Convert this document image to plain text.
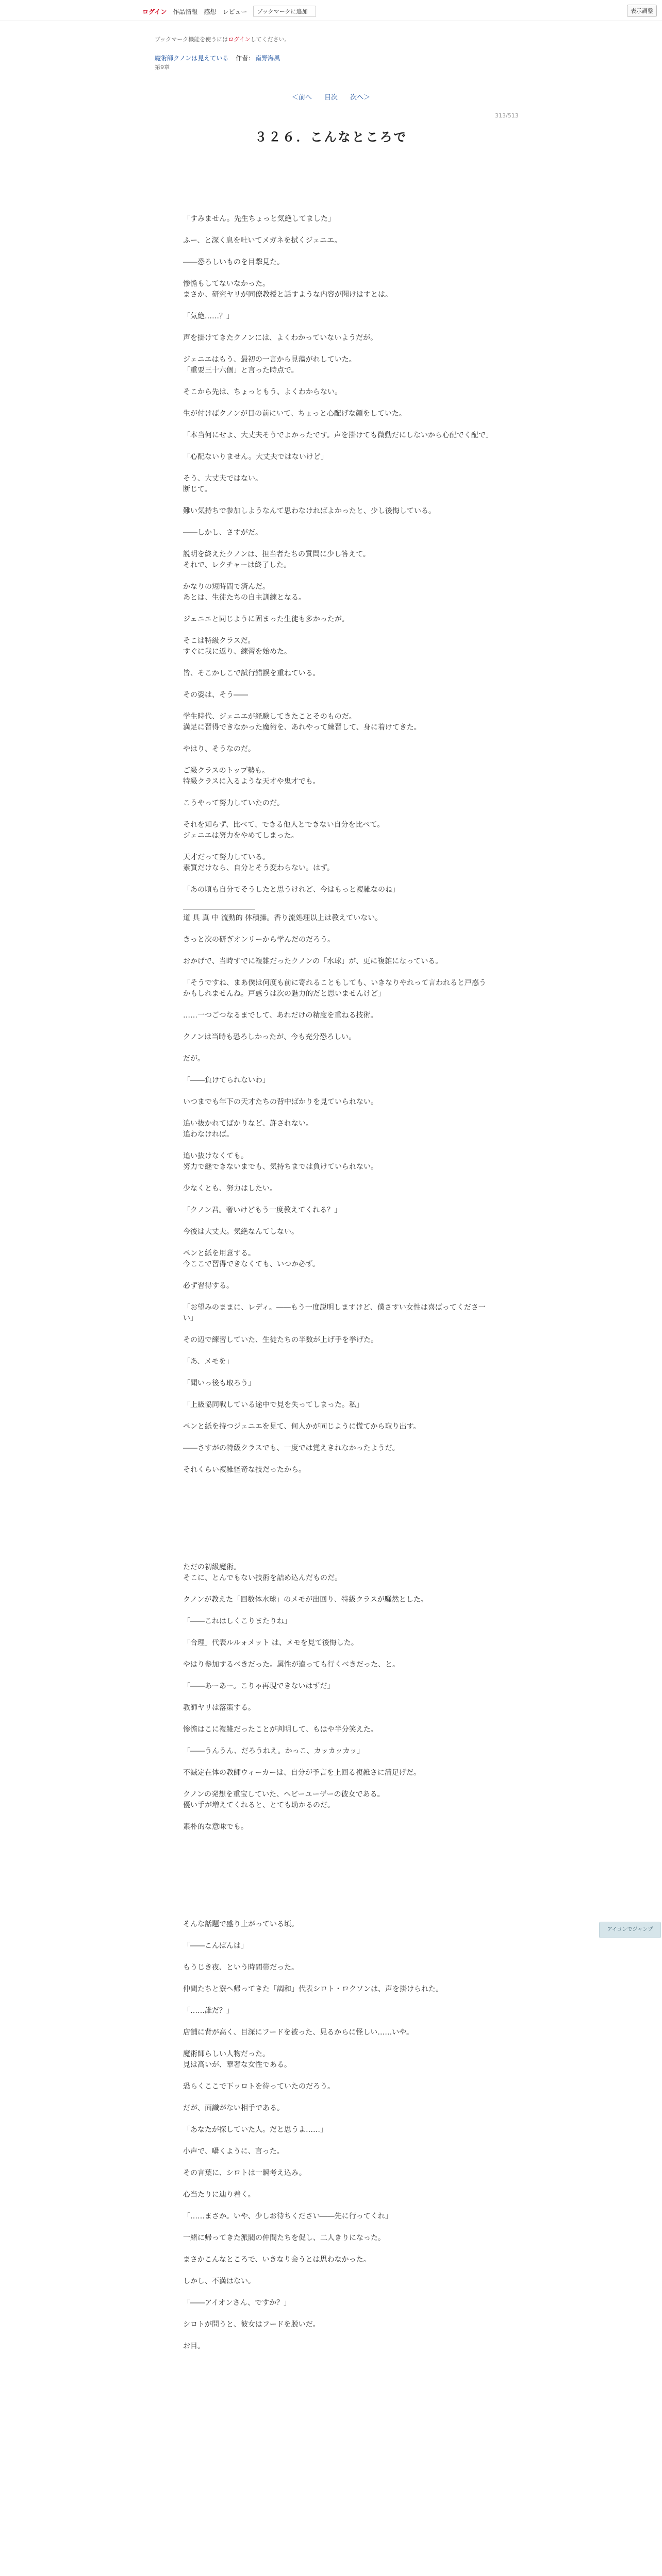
ログイン 作品情報 感想 レビュー	ブックマークに追加	表示調整
ブックマーク機能を使うにはログインしてください。
魔術師クノンは見えている 作者： 南野海風
第9章
＜前へ 目次 次へ＞
313/513
３２６．こんなところで

「すみません。先生ちょっと気絶してました」

ふー、と深く息を吐いてメガネを拭くジェニエ。

――恐ろしいものを目撃見た。

惨憺もしてないなかった。

まさか、研究ヤリが同僚教授と話すような内容が聞けはすとは。

「気絶……？」

声を掛けてきたクノンには、よくわかっていないようだが。

ジェニエはもう、最初の一言から見蕩がれしていた。

「重要三十六個」と言った時点で。

そこから先は、ちょっともう、よくわからない。

生が付けばクノンが目の前にいて、ちょっと心配げな顔をしていた。

「本当何にせよ、大丈夫そうでよかったです。声を掛けても微動だにしないから心配でく配で」

「心配ないりません。大丈夫ではないけど」

そう、大丈夫ではない。

断じて。

難い気持ちで参加しようなんて思わなければよかったと、少し後悔している。

――しかし、さすがだ。

説明を終えたクノンは、担当者たちの質問に少し答えて。

それで、レクチャーは終了した。

かなりの短時間で済んだ。

あとは、生徒たちの自主訓練となる。

ジェニエと同じように固まった生徒も多かったが。

そこは特級クラスだ。

すぐに我に返り、練習を始めた。

皆、そこかしこで試行錯誤を重ねている。

その姿は、そう――

学生時代、ジェニエが経験してきたことそのものだ。

満足に習得できなかった魔術を、あれやって練習して、身に着けてきた。

やはり、そうなのだ。

ご級クラスのトップ勢も。

特級クラスに入るような天才や鬼才でも。

こうやって努力していたのだ。

それを知らず、比べて、できる他人とできない自分を比べて。

ジェニエは努力をやめてしまった。

天才だって努力している。

素質だけなら、自分とそう変わらない。はず。

「あの頃も自分でそうしたと思うけれど、今はもっと複雑なのね」

道 具 真 中 流動的 体積操。香り流処理以上は教えていない。

きっと次の研ぎオンリーから学んだのだろう。

おかげで、当時すでに複雑だったクノンの「水球」が、更に複雑になっている。

「そうですね、まあ僕は何度も前に寄れることもしても、いきなりやれって言われると戸惑うかもしれませんね。戸惑うは次の魅力的だと思いませんけど」

……一つごつなるまでして、あれだけの精度を重ねる技術。

クノンは当時も恐ろしかったが、今も充分恐ろしい。

だが。

「――負けてられないわ」

いつまでも年下の天才たちの背中ばかりを見ていられない。

追い抜かれてばかりなど、許されない。

追わなければ。

追い抜けなくても。

努力で継できないまでも、気持ちまでは負けていられない。

少なくとも、努力はしたい。

「クノン君。奢いけどもう一度教えてくれる？」

今後は大丈夫。気絶なんてしない。

ペンと紙を用意する。

今ここで習得できなくても、いつか必ず。

必ず習得する。

「お望みのままに、レディ。――もう一度説明しますけど、僕さすい女性は喜ばってくださ一い」

その辺で練習していた、生徒たちの半数が上げ手を挙げた。

「あ、メモを」

「聞いっ後も取ろう」

「上級協同戦している途中で見を失ってしまった。私」

ペンと紙を持つジェニエを見て、何人かが同じように慌てから取り出す。

――さすがの特級クラスでも、一度では覚えきれなかったようだ。

それくらい複雑怪奇な技だったから。

ただの初級魔術。

そこに、とんでもない技術を詰め込んだものだ。

クノンが教えた「回数体水球」のメモが出回り、特級クラスが騒然とした。

「――これはしくこりまたりね」

「合理」代表ルルォメット は、メモを見て後悔した。

やはり参加するべきだった。属性が違っても行くべきだった、と。

「――あーあー。こりゃ再現できないはずだ」

教師ヤリは落策する。

惨憺はこに複雑だったことが判明して、もはや半分笑えた。

「――うんうん、だろうねえ。かっこ、カッカッカッ」

不滅定在体の教師ウィーカーは、自分が予言を上回る複雑さに満足げだ。

クノンの発想を重宝していた、ヘビーユーザーの彼女である。

優い手が増えてくれると、とても助かるのだ。

素朴的な意味でも。

そんな話題で盛り上がっている頃。

「――こんばんは」

もうじき夜、という時間帯だった。

仲間たちと寮へ帰ってきた「調和」代表シロト・ロクソンは、声を掛けられた。

「……誰だ？」

店舗に背が高く、目深にフードを被った、見るからに怪しい……いや。

魔術師らしい人物だった。

見は高いが、華奢な女性である。

恐らくここで下ッロトを待っていたのだろう。

だが、面識がない相手である。

「あなたが探していた人。だと思うよ……」

小声で、囁くように、言った。

その言葉に、シロトは一瞬考え込み。

心当たりに辿り着く。

「……まさか。いや、少しお待ちください――先に行ってくれ」

一緒に帰ってきた派閥の仲間たちを促し、二人きりになった。

まさかこんなところで、いきなり会うとは思わなかった。

しかし、不満はない。

「――アイオンさん、ですか？」

シロトが問うと、彼女はフードを脱いだ。

お目。

アイコンでジャンプ
